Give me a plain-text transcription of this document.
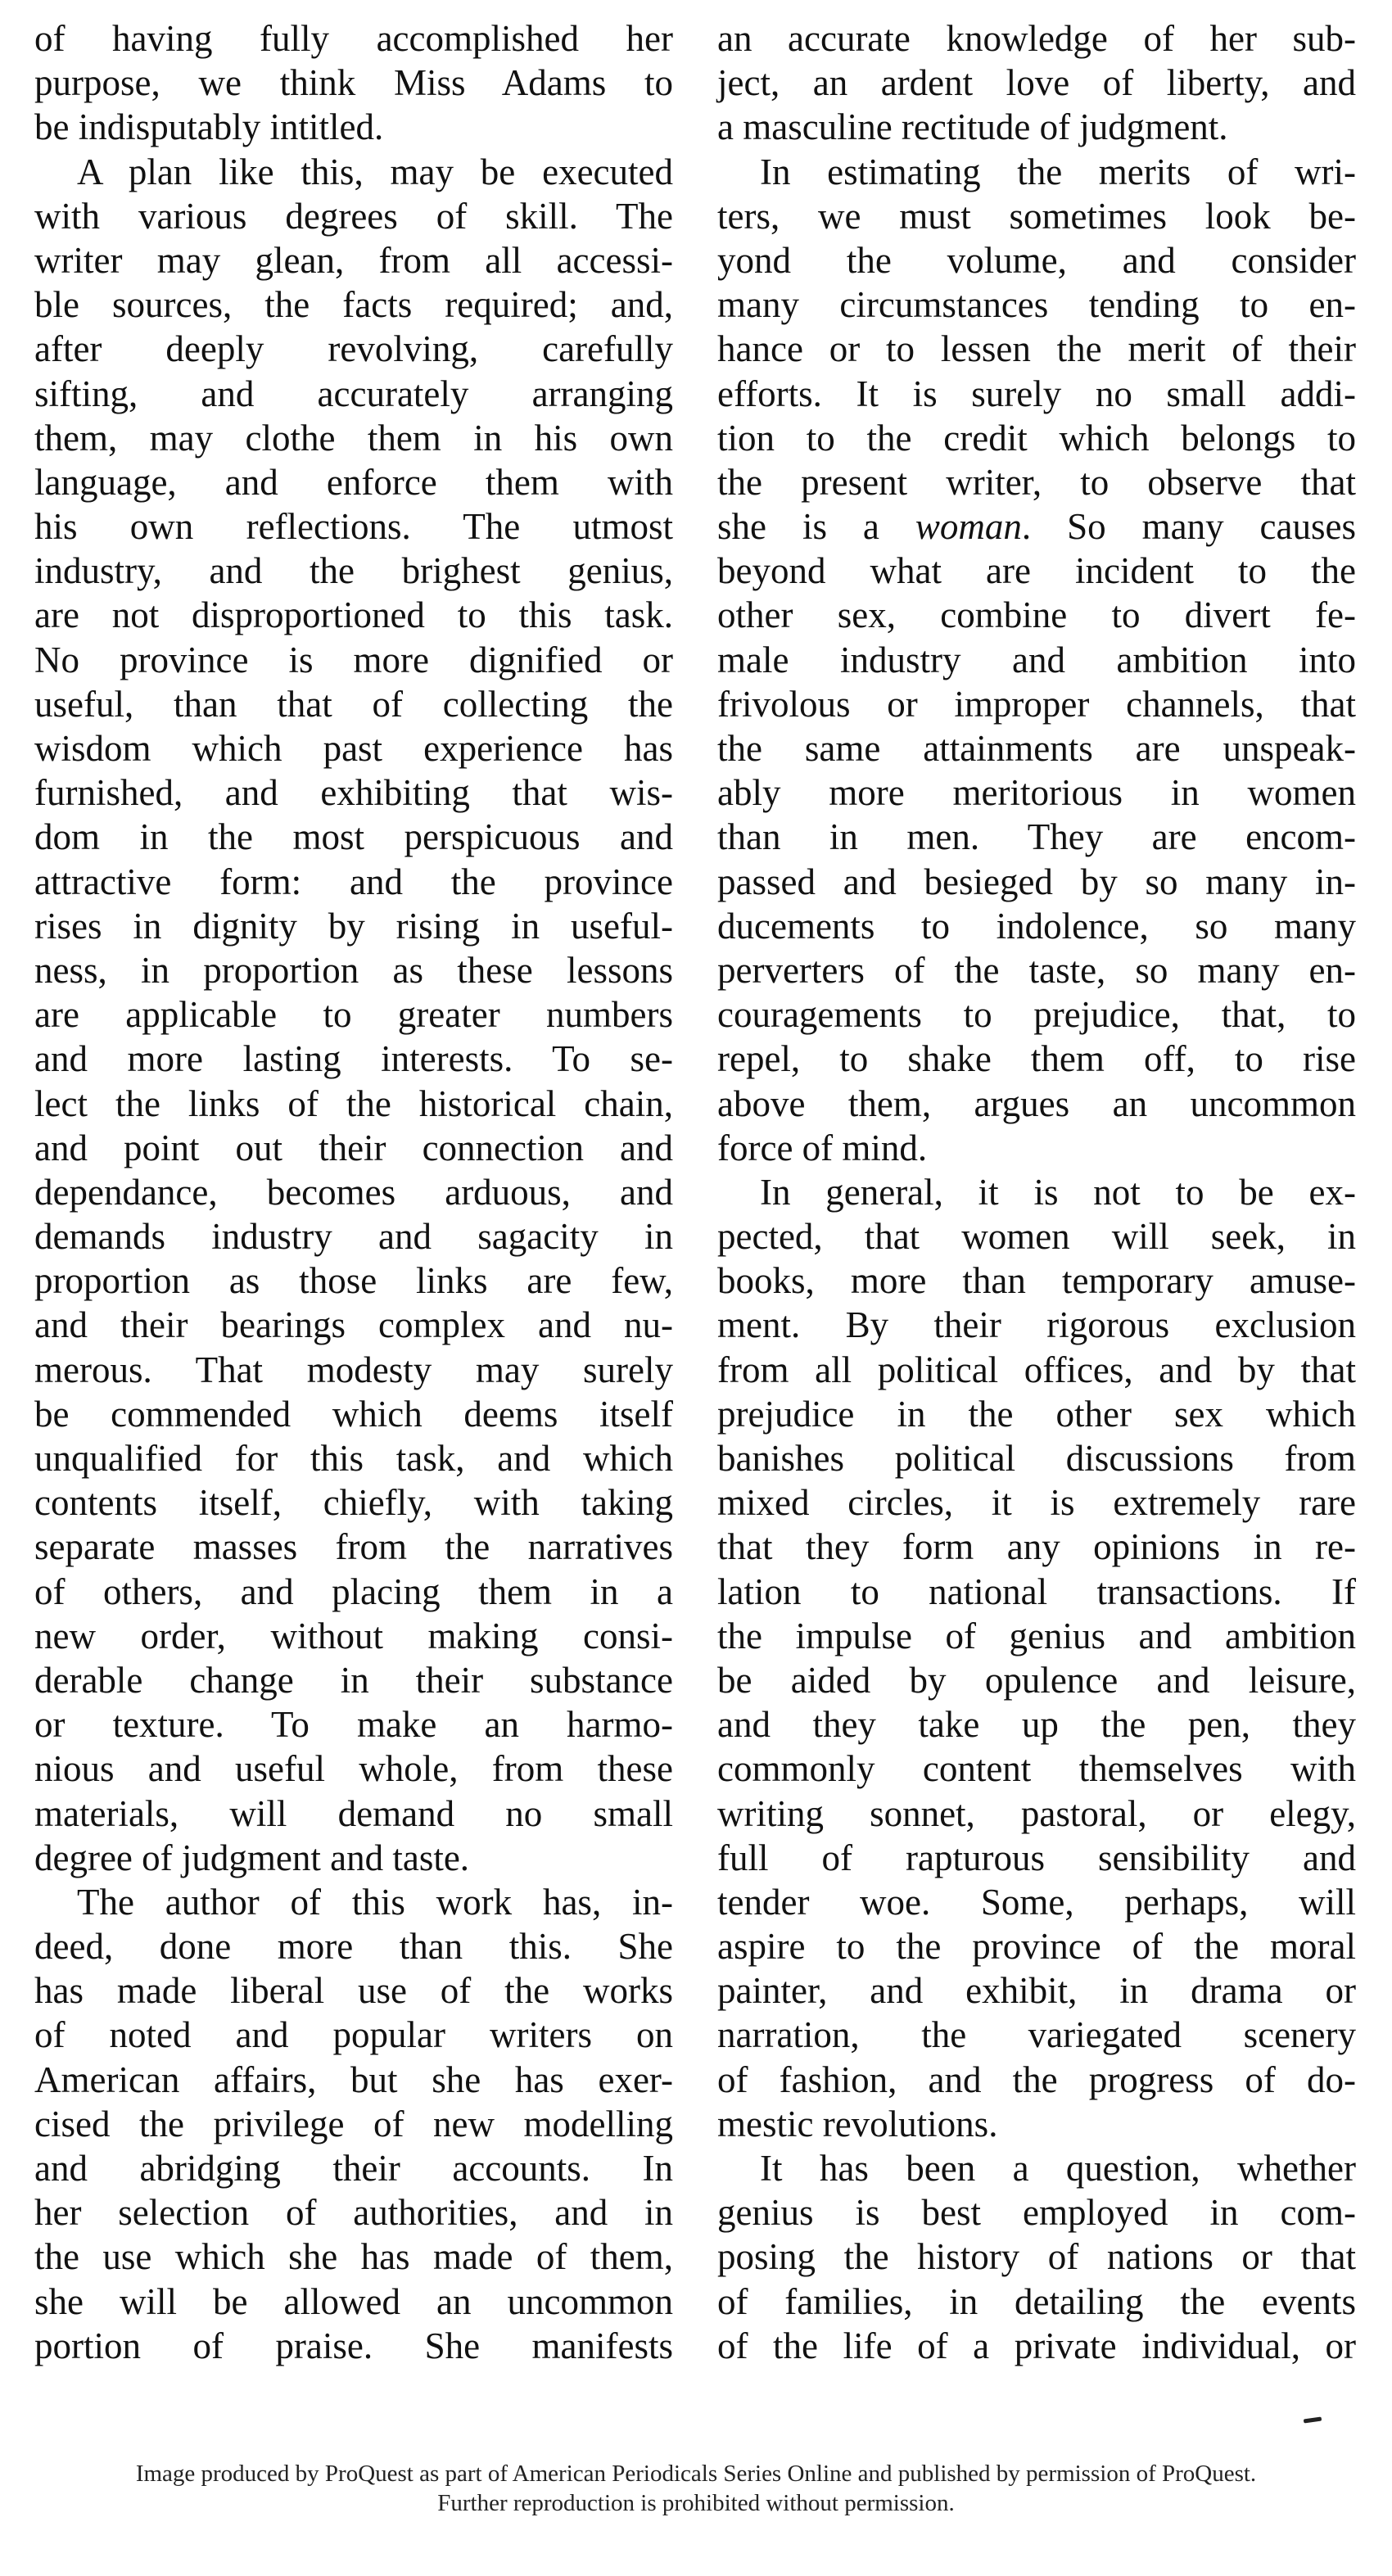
of having fully accomplished her
purpose, we think Miss Adams to
be indisputably intitled.
A plan like this, may be executed
with various degrees of skill. The
writer may glean, from all accessi-
ble sources, the facts required; and,
after deeply revolving, carefully
sifting, and accurately arranging
them, may clothe them in his own
language, and enforce them with
his own reflections. The utmost
industry, and the brighest genius,
are not disproportioned to this task.
No province is more dignified or
useful, than that of collecting the
wisdom which past experience has
furnished, and exhibiting that wis-
dom in the most perspicuous and
attractive form: and the province
rises in dignity by rising in useful-
ness, in proportion as these lessons
are applicable to greater numbers
and more lasting interests. To se-
lect the links of the historical chain,
and point out their connection and
dependance, becomes arduous, and
demands industry and sagacity in
proportion as those links are few,
and their bearings complex and nu-
merous. That modesty may surely
be commended which deems itself
unqualified for this task, and which
contents itself, chiefly, with taking
separate masses from the narratives
of others, and placing them in a
new order, without making consi-
derable change in their substance
or texture. To make an harmo-
nious and useful whole, from these
materials, will demand no small
degree of judgment and taste.
The author of this work has, in-
deed, done more than this. She
has made liberal use of the works
of noted and popular writers on
American affairs, but she has exer-
cised the privilege of new modelling
and abridging their accounts. In
her selection of authorities, and in
the use which she has made of them,
she will be allowed an uncommon
portion of praise. She manifests
an accurate knowledge of her sub-
ject, an ardent love of liberty, and
a masculine rectitude of judgment.
In estimating the merits of wri-
ters, we must sometimes look be-
yond the volume, and consider
many circumstances tending to en-
hance or to lessen the merit of their
efforts. It is surely no small addi-
tion to the credit which belongs to
the present writer, to observe that
she is a woman. So many causes
beyond what are incident to the
other sex, combine to divert fe-
male industry and ambition into
frivolous or improper channels, that
the same attainments are unspeak-
ably more meritorious in women
than in men. They are encom-
passed and besieged by so many in-
ducements to indolence, so many
perverters of the taste, so many en-
couragements to prejudice, that, to
repel, to shake them off, to rise
above them, argues an uncommon
force of mind.
In general, it is not to be ex-
pected, that women will seek, in
books, more than temporary amuse-
ment. By their rigorous exclusion
from all political offices, and by that
prejudice in the other sex which
banishes political discussions from
mixed circles, it is extremely rare
that they form any opinions in re-
lation to national transactions. If
the impulse of genius and ambition
be aided by opulence and leisure,
and they take up the pen, they
commonly content themselves with
writing sonnet, pastoral, or elegy,
full of rapturous sensibility and
tender woe. Some, perhaps, will
aspire to the province of the moral
painter, and exhibit, in drama or
narration, the variegated scenery
of fashion, and the progress of do-
mestic revolutions.
It has been a question, whether
genius is best employed in com-
posing the history of nations or that
of families, in detailing the events
of the life of a private individual, or
Image produced by ProQuest as part of American Periodicals Series Online and published by permission of ProQuest.
Further reproduction is prohibited without permission.
